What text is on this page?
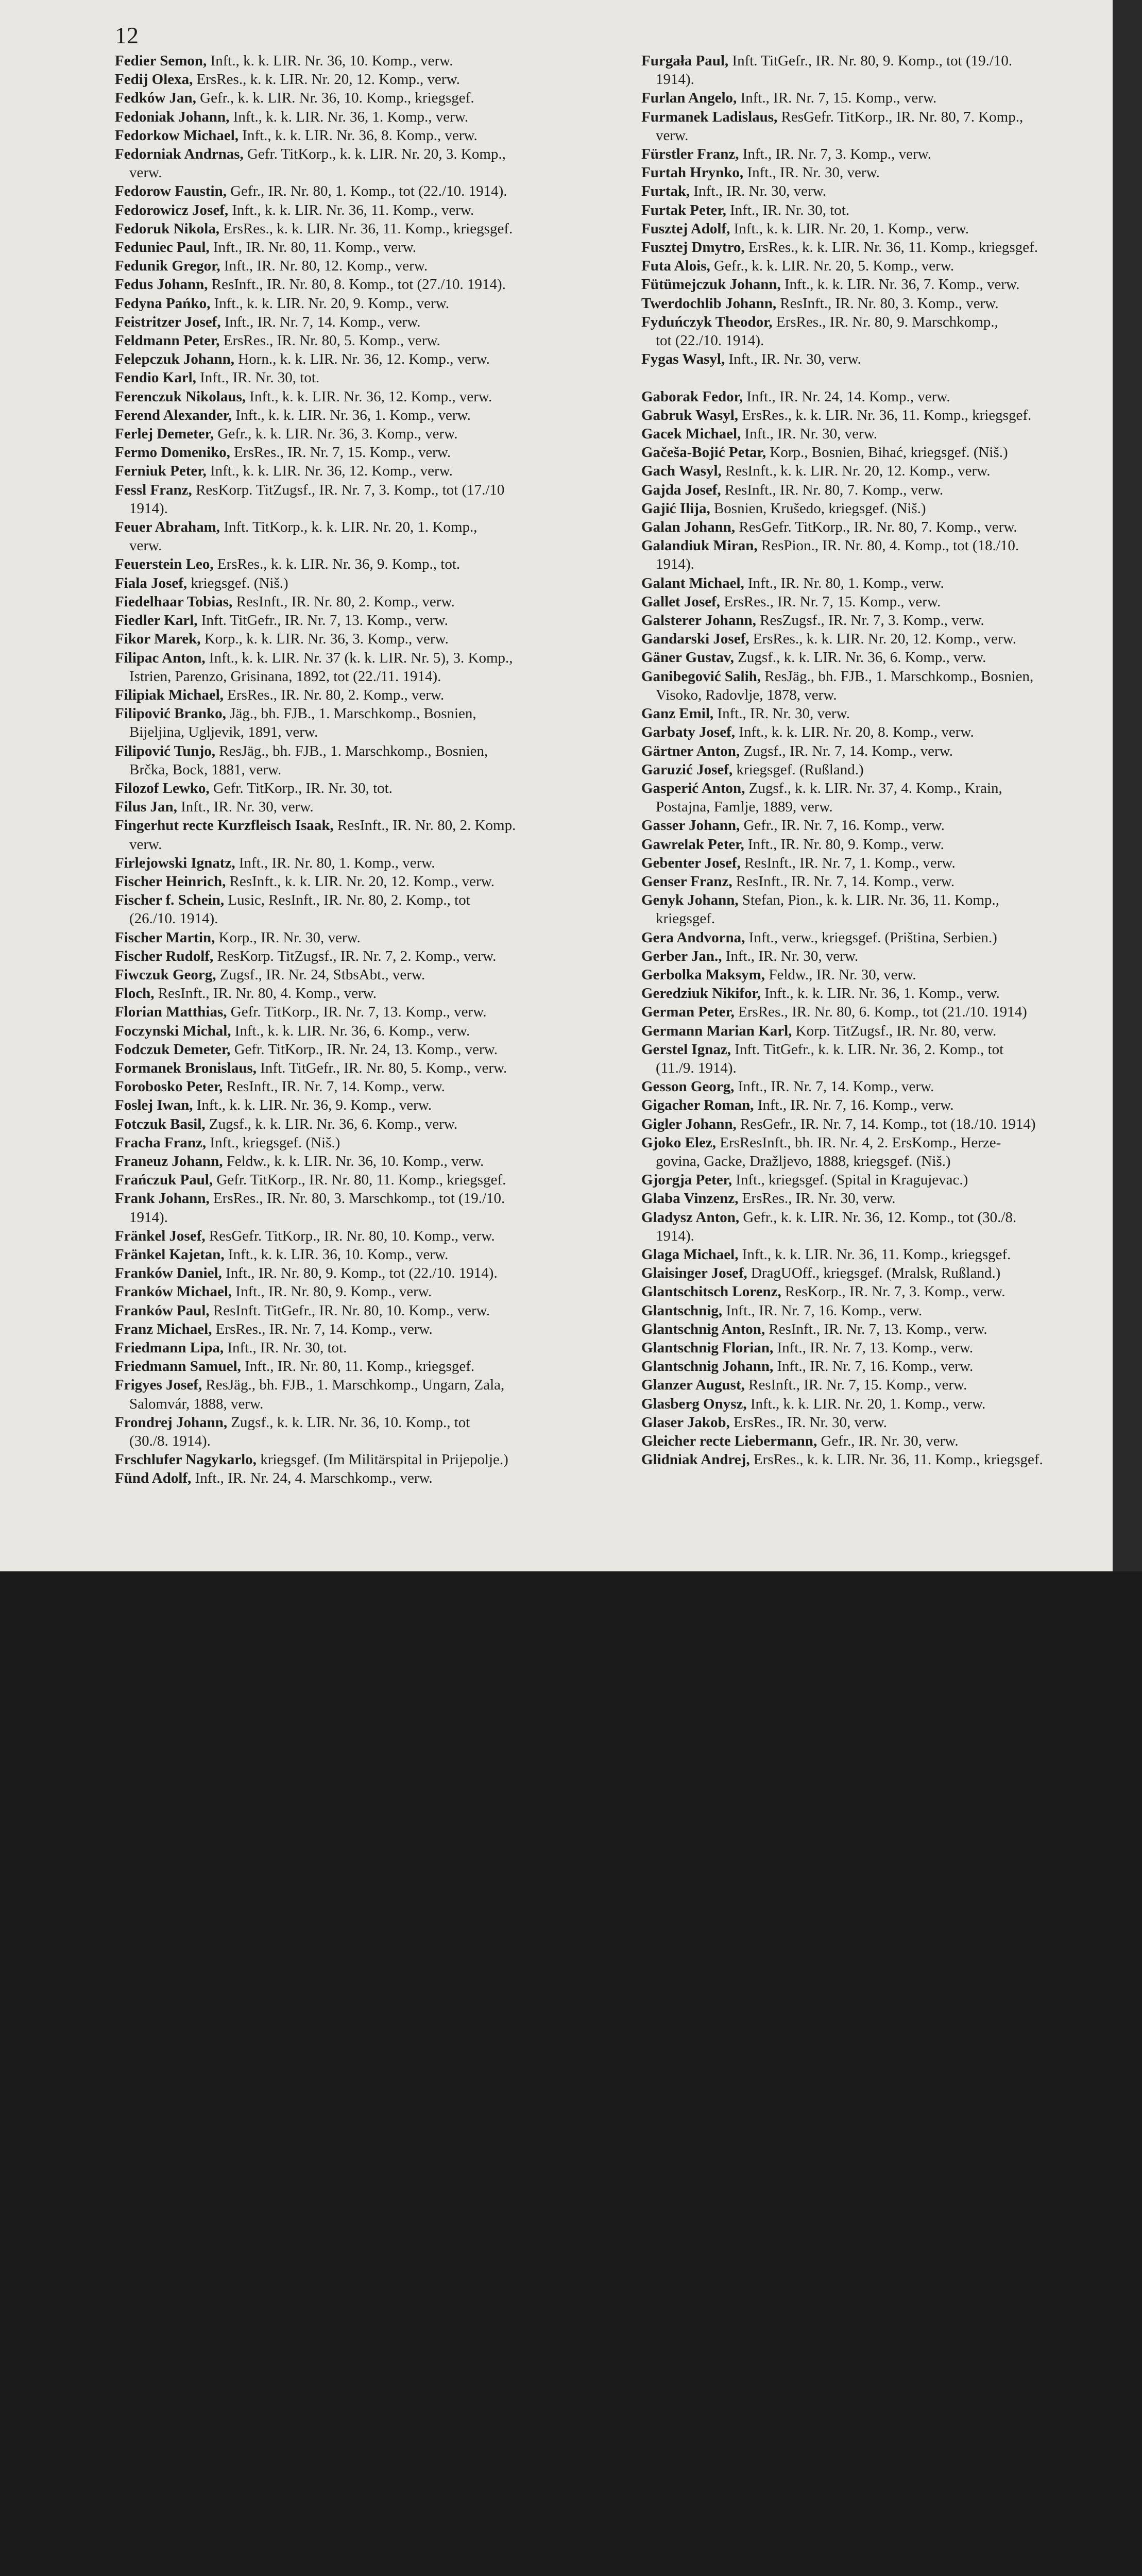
12
Fedier Semon, Inft., k. k. LIR. Nr. 36, 10. Komp., verw.
Fedij Olexa, ErsRes., k. k. LIR. Nr. 20, 12. Komp., verw.
Fedków Jan, Gefr., k. k. LIR. Nr. 36, 10. Komp., kriegsgef.
Fedoniak Johann, Inft., k. k. LIR. Nr. 36, 1. Komp., verw.
Fedorkow Michael, Inft., k. k. LIR. Nr. 36, 8. Komp., verw.
Fedorniak Andrnas, Gefr. TitKorp., k. k. LIR. Nr. 20, 3. Komp.,
verw.
Fedorow Faustin, Gefr., IR. Nr. 80, 1. Komp., tot (22./10. 1914).
Fedorowicz Josef, Inft., k. k. LIR. Nr. 36, 11. Komp., verw.
Fedoruk Nikola, ErsRes., k. k. LIR. Nr. 36, 11. Komp., kriegsgef.
Feduniec Paul, Inft., IR. Nr. 80, 11. Komp., verw.
Fedunik Gregor, Inft., IR. Nr. 80, 12. Komp., verw.
Fedus Johann, ResInft., IR. Nr. 80, 8. Komp., tot (27./10. 1914).
Fedyna Pańko, Inft., k. k. LIR. Nr. 20, 9. Komp., verw.
Feistritzer Josef, Inft., IR. Nr. 7, 14. Komp., verw.
Feldmann Peter, ErsRes., IR. Nr. 80, 5. Komp., verw.
Felepczuk Johann, Horn., k. k. LIR. Nr. 36, 12. Komp., verw.
Fendio Karl, Inft., IR. Nr. 30, tot.
Ferenczuk Nikolaus, Inft., k. k. LIR. Nr. 36, 12. Komp., verw.
Ferend Alexander, Inft., k. k. LIR. Nr. 36, 1. Komp., verw.
Ferlej Demeter, Gefr., k. k. LIR. Nr. 36, 3. Komp., verw.
Fermo Domeniko, ErsRes., IR. Nr. 7, 15. Komp., verw.
Ferniuk Peter, Inft., k. k. LIR. Nr. 36, 12. Komp., verw.
Fessl Franz, ResKorp. TitZugsf., IR. Nr. 7, 3. Komp., tot (17./10
1914).
Feuer Abraham, Inft. TitKorp., k. k. LIR. Nr. 20, 1. Komp.,
verw.
Feuerstein Leo, ErsRes., k. k. LIR. Nr. 36, 9. Komp., tot.
Fiala Josef, kriegsgef. (Niš.)
Fiedelhaar Tobias, ResInft., IR. Nr. 80, 2. Komp., verw.
Fiedler Karl, Inft. TitGefr., IR. Nr. 7, 13. Komp., verw.
Fikor Marek, Korp., k. k. LIR. Nr. 36, 3. Komp., verw.
Filipac Anton, Inft., k. k. LIR. Nr. 37 (k. k. LIR. Nr. 5), 3. Komp.,
Istrien, Parenzo, Grisinana, 1892, tot (22./11. 1914).
Filipiak Michael, ErsRes., IR. Nr. 80, 2. Komp., verw.
Filipović Branko, Jäg., bh. FJB., 1. Marschkomp., Bosnien,
Bijeljina, Ugljevik, 1891, verw.
Filipović Tunjo, ResJäg., bh. FJB., 1. Marschkomp., Bosnien,
Brčka, Bock, 1881, verw.
Filozof Lewko, Gefr. TitKorp., IR. Nr. 30, tot.
Filus Jan, Inft., IR. Nr. 30, verw.
Fingerhut recte Kurzfleisch Isaak, ResInft., IR. Nr. 80, 2. Komp.
verw.
Firlejowski Ignatz, Inft., IR. Nr. 80, 1. Komp., verw.
Fischer Heinrich, ResInft., k. k. LIR. Nr. 20, 12. Komp., verw.
Fischer f. Schein, Lusic, ResInft., IR. Nr. 80, 2. Komp., tot
(26./10. 1914).
Fischer Martin, Korp., IR. Nr. 30, verw.
Fischer Rudolf, ResKorp. TitZugsf., IR. Nr. 7, 2. Komp., verw.
Fiwczuk Georg, Zugsf., IR. Nr. 24, StbsAbt., verw.
Floch, ResInft., IR. Nr. 80, 4. Komp., verw.
Florian Matthias, Gefr. TitKorp., IR. Nr. 7, 13. Komp., verw.
Foczynski Michal, Inft., k. k. LIR. Nr. 36, 6. Komp., verw.
Fodczuk Demeter, Gefr. TitKorp., IR. Nr. 24, 13. Komp., verw.
Formanek Bronislaus, Inft. TitGefr., IR. Nr. 80, 5. Komp., verw.
Forobosko Peter, ResInft., IR. Nr. 7, 14. Komp., verw.
Foslej Iwan, Inft., k. k. LIR. Nr. 36, 9. Komp., verw.
Fotczuk Basil, Zugsf., k. k. LIR. Nr. 36, 6. Komp., verw.
Fracha Franz, Inft., kriegsgef. (Niš.)
Franeuz Johann, Feldw., k. k. LIR. Nr. 36, 10. Komp., verw.
Frańczuk Paul, Gefr. TitKorp., IR. Nr. 80, 11. Komp., kriegsgef.
Frank Johann, ErsRes., IR. Nr. 80, 3. Marschkomp., tot (19./10.
1914).
Fränkel Josef, ResGefr. TitKorp., IR. Nr. 80, 10. Komp., verw.
Fränkel Kajetan, Inft., k. k. LIR. 36, 10. Komp., verw.
Franków Daniel, Inft., IR. Nr. 80, 9. Komp., tot (22./10. 1914).
Franków Michael, Inft., IR. Nr. 80, 9. Komp., verw.
Franków Paul, ResInft. TitGefr., IR. Nr. 80, 10. Komp., verw.
Franz Michael, ErsRes., IR. Nr. 7, 14. Komp., verw.
Friedmann Lipa, Inft., IR. Nr. 30, tot.
Friedmann Samuel, Inft., IR. Nr. 80, 11. Komp., kriegsgef.
Frigyes Josef, ResJäg., bh. FJB., 1. Marschkomp., Ungarn, Zala,
Salomvár, 1888, verw.
Frondrej Johann, Zugsf., k. k. LIR. Nr. 36, 10. Komp., tot
(30./8. 1914).
Frschlufer Nagykarlo, kriegsgef. (Im Militärspital in Prijepolje.)
Fünd Adolf, Inft., IR. Nr. 24, 4. Marschkomp., verw.
Furgała Paul, Inft. TitGefr., IR. Nr. 80, 9. Komp., tot (19./10.
1914).
Furlan Angelo, Inft., IR. Nr. 7, 15. Komp., verw.
Furmanek Ladislaus, ResGefr. TitKorp., IR. Nr. 80, 7. Komp.,
verw.
Fürstler Franz, Inft., IR. Nr. 7, 3. Komp., verw.
Furtah Hrynko, Inft., IR. Nr. 30, verw.
Furtak, Inft., IR. Nr. 30, verw.
Furtak Peter, Inft., IR. Nr. 30, tot.
Fusztej Adolf, Inft., k. k. LIR. Nr. 20, 1. Komp., verw.
Fusztej Dmytro, ErsRes., k. k. LIR. Nr. 36, 11. Komp., kriegsgef.
Futa Alois, Gefr., k. k. LIR. Nr. 20, 5. Komp., verw.
Fütümejczuk Johann, Inft., k. k. LIR. Nr. 36, 7. Komp., verw.
Twerdochlib Johann, ResInft., IR. Nr. 80, 3. Komp., verw.
Fyduńczyk Theodor, ErsRes., IR. Nr. 80, 9. Marschkomp.,
tot (22./10. 1914).
Fygas Wasyl, Inft., IR. Nr. 30, verw.
Gaborak Fedor, Inft., IR. Nr. 24, 14. Komp., verw.
Gabruk Wasyl, ErsRes., k. k. LIR. Nr. 36, 11. Komp., kriegsgef.
Gacek Michael, Inft., IR. Nr. 30, verw.
Gačeša-Bojić Petar, Korp., Bosnien, Bihać, kriegsgef. (Niš.)
Gach Wasyl, ResInft., k. k. LIR. Nr. 20, 12. Komp., verw.
Gajda Josef, ResInft., IR. Nr. 80, 7. Komp., verw.
Gajić Ilija, Bosnien, Krušedo, kriegsgef. (Niš.)
Galan Johann, ResGefr. TitKorp., IR. Nr. 80, 7. Komp., verw.
Galandiuk Miran, ResPion., IR. Nr. 80, 4. Komp., tot (18./10.
1914).
Galant Michael, Inft., IR. Nr. 80, 1. Komp., verw.
Gallet Josef, ErsRes., IR. Nr. 7, 15. Komp., verw.
Galsterer Johann, ResZugsf., IR. Nr. 7, 3. Komp., verw.
Gandarski Josef, ErsRes., k. k. LIR. Nr. 20, 12. Komp., verw.
Gäner Gustav, Zugsf., k. k. LIR. Nr. 36, 6. Komp., verw.
Ganibegović Salih, ResJäg., bh. FJB., 1. Marschkomp., Bosnien,
Visoko, Radovlje, 1878, verw.
Ganz Emil, Inft., IR. Nr. 30, verw.
Garbaty Josef, Inft., k. k. LIR. Nr. 20, 8. Komp., verw.
Gärtner Anton, Zugsf., IR. Nr. 7, 14. Komp., verw.
Garuzić Josef, kriegsgef. (Rußland.)
Gasperić Anton, Zugsf., k. k. LIR. Nr. 37, 4. Komp., Krain,
Postajna, Famlje, 1889, verw.
Gasser Johann, Gefr., IR. Nr. 7, 16. Komp., verw.
Gawrelak Peter, Inft., IR. Nr. 80, 9. Komp., verw.
Gebenter Josef, ResInft., IR. Nr. 7, 1. Komp., verw.
Genser Franz, ResInft., IR. Nr. 7, 14. Komp., verw.
Genyk Johann, Stefan, Pion., k. k. LIR. Nr. 36, 11. Komp.,
kriegsgef.
Gera Andvorna, Inft., verw., kriegsgef. (Priština, Serbien.)
Gerber Jan., Inft., IR. Nr. 30, verw.
Gerbolka Maksym, Feldw., IR. Nr. 30, verw.
Geredziuk Nikifor, Inft., k. k. LIR. Nr. 36, 1. Komp., verw.
German Peter, ErsRes., IR. Nr. 80, 6. Komp., tot (21./10. 1914)
Germann Marian Karl, Korp. TitZugsf., IR. Nr. 80, verw.
Gerstel Ignaz, Inft. TitGefr., k. k. LIR. Nr. 36, 2. Komp., tot
(11./9. 1914).
Gesson Georg, Inft., IR. Nr. 7, 14. Komp., verw.
Gigacher Roman, Inft., IR. Nr. 7, 16. Komp., verw.
Gigler Johann, ResGefr., IR. Nr. 7, 14. Komp., tot (18./10. 1914)
Gjoko Elez, ErsResInft., bh. IR. Nr. 4, 2. ErsKomp., Herze-
govina, Gacke, Dražljevo, 1888, kriegsgef. (Niš.)
Gjorgja Peter, Inft., kriegsgef. (Spital in Kragujevac.)
Glaba Vinzenz, ErsRes., IR. Nr. 30, verw.
Gladysz Anton, Gefr., k. k. LIR. Nr. 36, 12. Komp., tot (30./8.
1914).
Glaga Michael, Inft., k. k. LIR. Nr. 36, 11. Komp., kriegsgef.
Glaisinger Josef, DragUOff., kriegsgef. (Mralsk, Rußland.)
Glantschitsch Lorenz, ResKorp., IR. Nr. 7, 3. Komp., verw.
Glantschnig, Inft., IR. Nr. 7, 16. Komp., verw.
Glantschnig Anton, ResInft., IR. Nr. 7, 13. Komp., verw.
Glantschnig Florian, Inft., IR. Nr. 7, 13. Komp., verw.
Glantschnig Johann, Inft., IR. Nr. 7, 16. Komp., verw.
Glanzer August, ResInft., IR. Nr. 7, 15. Komp., verw.
Glasberg Onysz, Inft., k. k. LIR. Nr. 20, 1. Komp., verw.
Glaser Jakob, ErsRes., IR. Nr. 30, verw.
Gleicher recte Liebermann, Gefr., IR. Nr. 30, verw.
Glidniak Andrej, ErsRes., k. k. LIR. Nr. 36, 11. Komp., kriegsgef.
